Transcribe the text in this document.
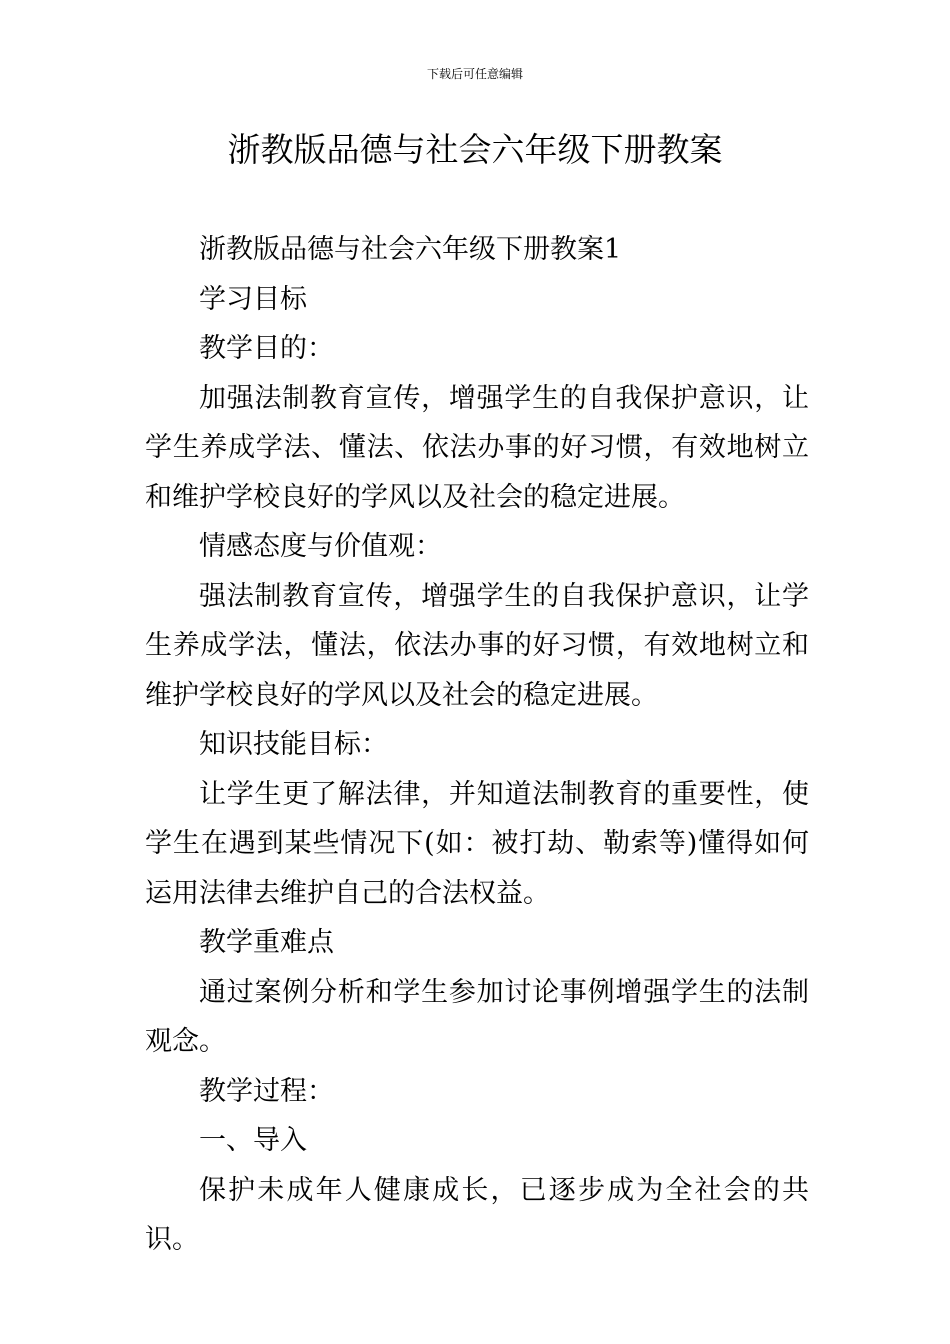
下载后可任意编辑
浙教版品德与社会六年级下册教案

浙教版品德与社会六年级下册教案1

学习目标

教学目的：

加强法制教育宣传，增强学生的自我保护意识，让学生养成学法、懂法、依法办事的好习惯，有效地树立和维护学校良好的学风以及社会的稳定进展。

情感态度与价值观：

强法制教育宣传，增强学生的自我保护意识，让学生养成学法，懂法，依法办事的好习惯，有效地树立和维护学校良好的学风以及社会的稳定进展。

知识技能目标：

让学生更了解法律，并知道法制教育的重要性，使学生在遇到某些情况下(如：被打劫、勒索等)懂得如何运用法律去维护自己的合法权益。

教学重难点

通过案例分析和学生参加讨论事例增强学生的法制观念。

教学过程：

一、导入

保护未成年人健康成长，已逐步成为全社会的共识。
